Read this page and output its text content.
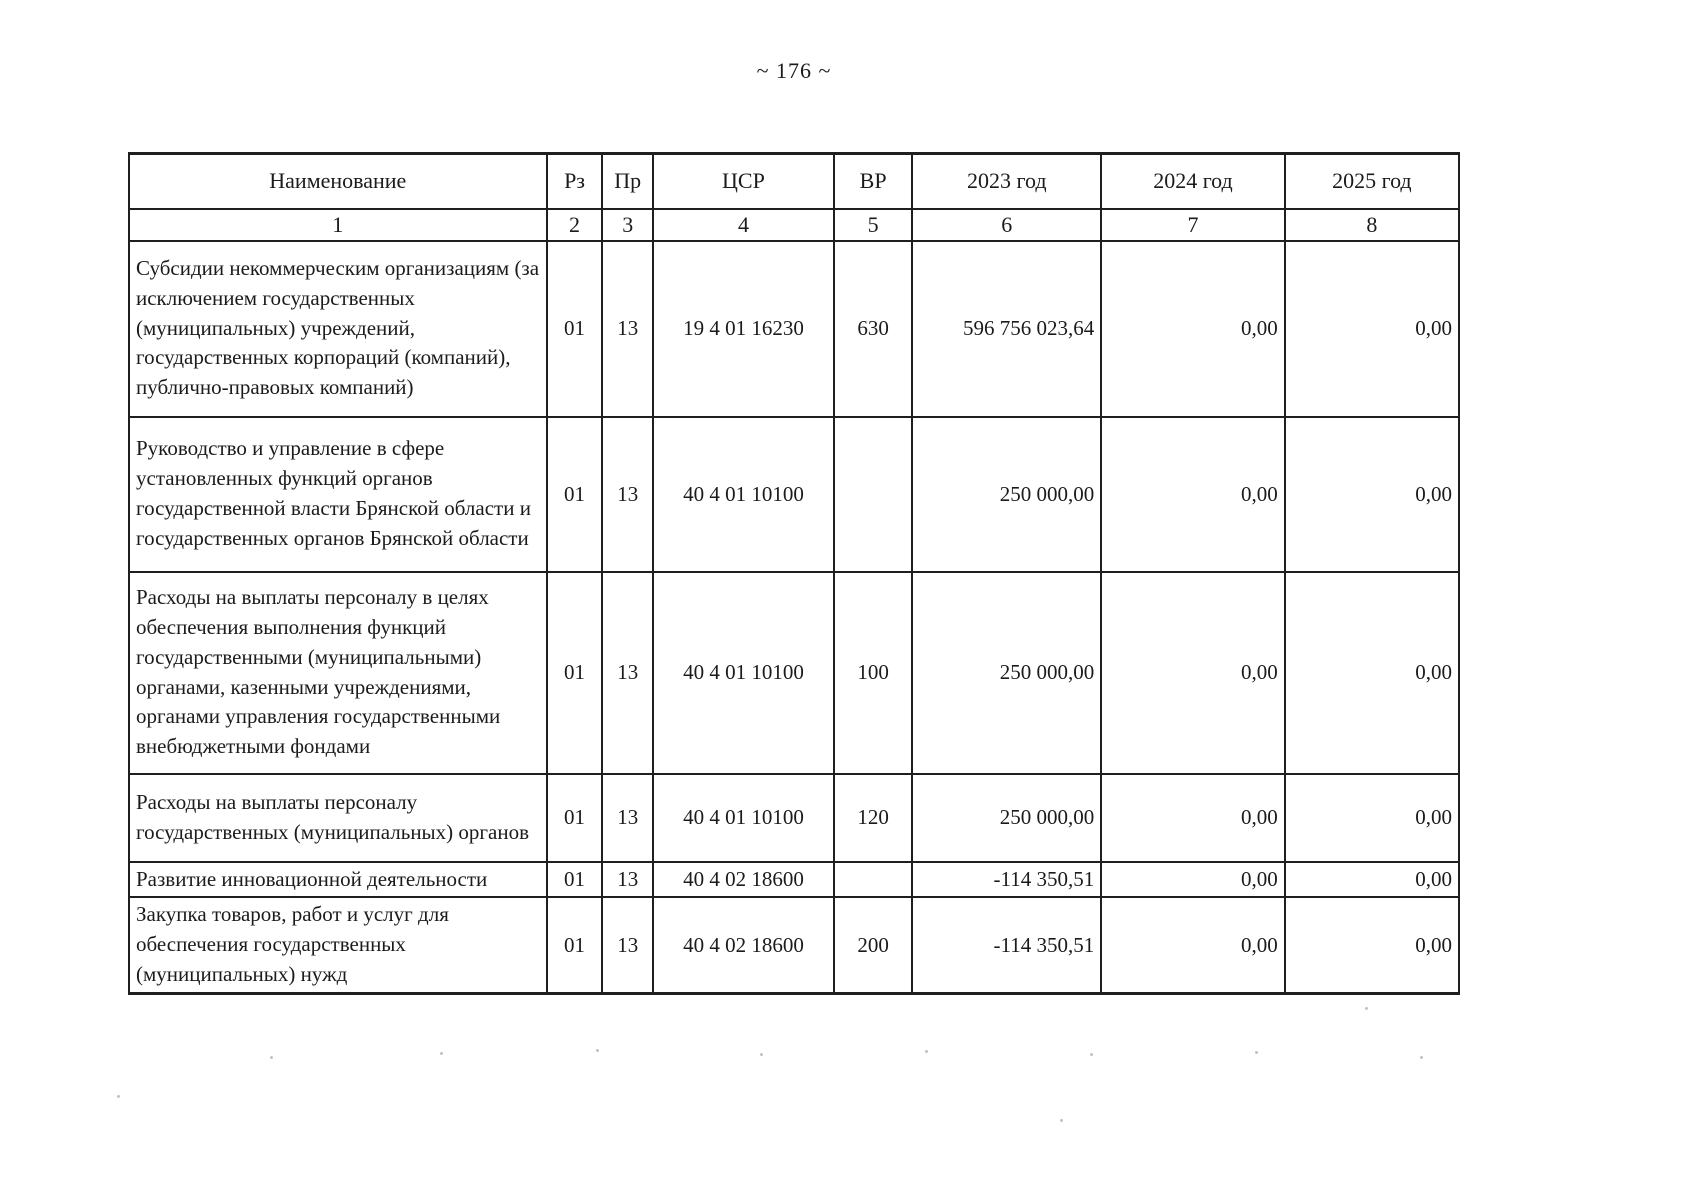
~ 176 ~
Наименование	Рз	Пр	ЦСР	ВР	2023 год	2024 год	2025 год
1	2	3	4	5	6	7	8
Субсидии некоммерческим организациям (за исключением государственных (муниципальных) учреждений, государственных корпораций (компаний), публично-правовых компаний)	01	13	19 4 01 16230	630	596 756 023,64	0,00	0,00
Руководство и управление в сфере установленных функций органов государственной власти Брянской области и государственных органов Брянской области	01	13	40 4 01 10100		250 000,00	0,00	0,00
Расходы на выплаты персоналу в целях обеспечения выполнения функций государственными (муниципальными) органами, казенными учреждениями, органами управления государственными внебюджетными фондами	01	13	40 4 01 10100	100	250 000,00	0,00	0,00
Расходы на выплаты персоналу государственных (муниципальных) органов	01	13	40 4 01 10100	120	250 000,00	0,00	0,00
Развитие инновационной деятельности	01	13	40 4 02 18600		-114 350,51	0,00	0,00
Закупка товаров, работ и услуг для обеспечения государственных (муниципальных) нужд	01	13	40 4 02 18600	200	-114 350,51	0,00	0,00
